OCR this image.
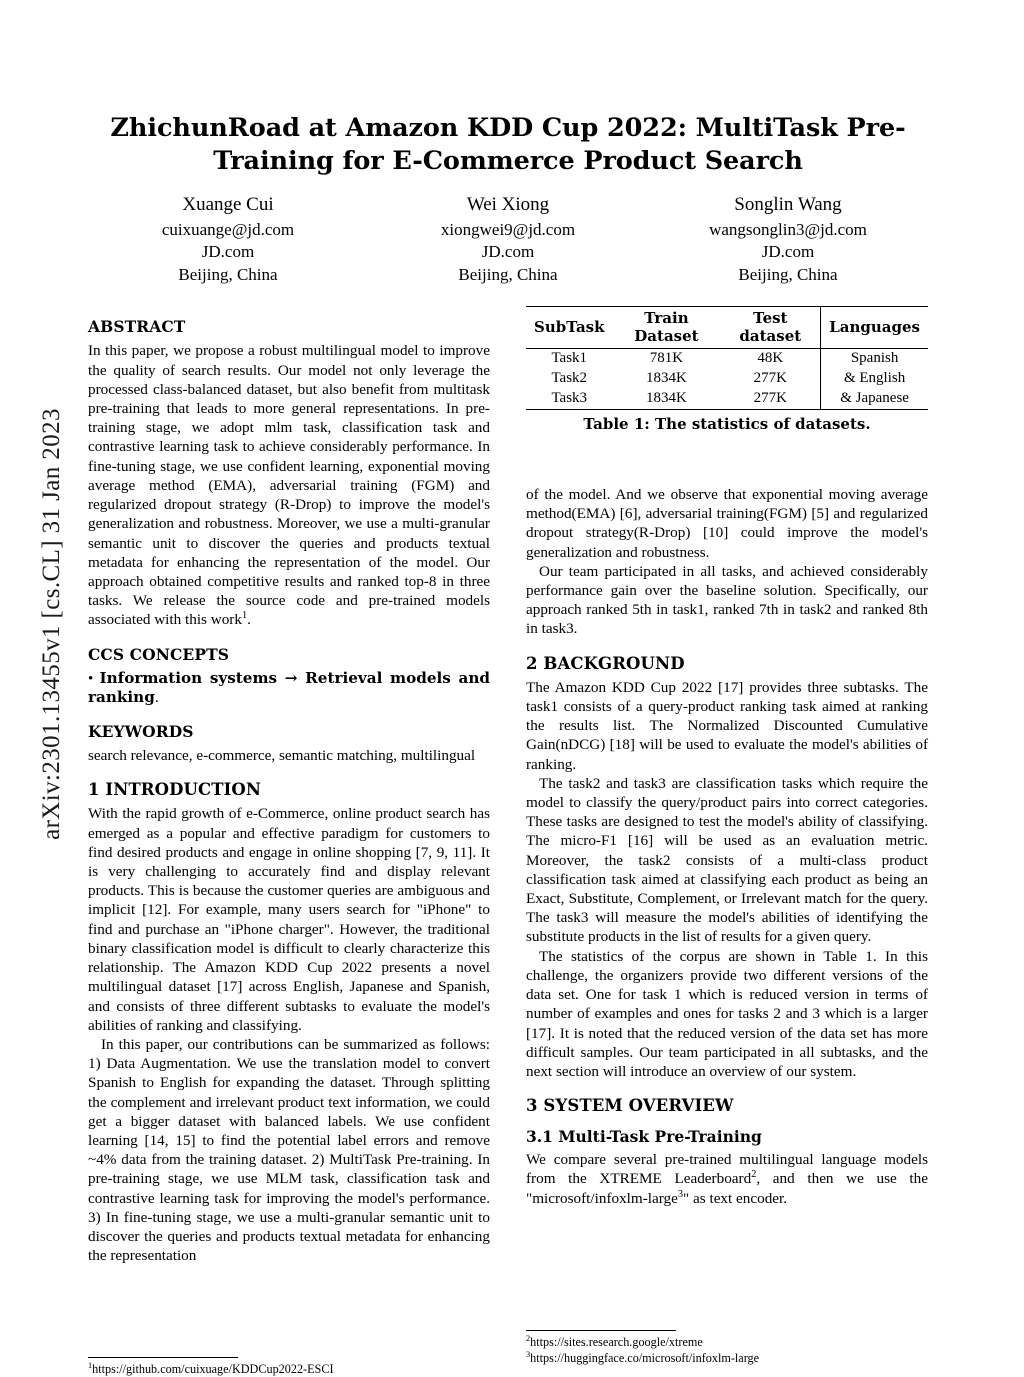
arXiv:2301.13455v1 [cs.CL] 31 Jan 2023
ZhichunRoad at Amazon KDD Cup 2022: MultiTask Pre-Training for E-Commerce Product Search
Xuange Cui
cuixuange@jd.com
JD.com
Beijing, China
Wei Xiong
xiongwei9@jd.com
JD.com
Beijing, China
Songlin Wang
wangsonglin3@jd.com
JD.com
Beijing, China
ABSTRACT

In this paper, we propose a robust multilingual model to improve the quality of search results. Our model not only leverage the processed class-balanced dataset, but also benefit from multitask pre-training that leads to more general representations. In pre-training stage, we adopt mlm task, classification task and contrastive learning task to achieve considerably performance. In fine-tuning stage, we use confident learning, exponential moving average method (EMA), adversarial training (FGM) and regularized dropout strategy (R-Drop) to improve the model's generalization and robustness. Moreover, we use a multi-granular semantic unit to discover the queries and products textual metadata for enhancing the representation of the model. Our approach obtained competitive results and ranked top-8 in three tasks. We release the source code and pre-trained models associated with this work$^1$.

CCS CONCEPTS
• Information systems → Retrieval models and ranking.
KEYWORDS

search relevance, e-commerce, semantic matching, multilingual

1 INTRODUCTION

With the rapid growth of e-Commerce, online product search has emerged as a popular and effective paradigm for customers to find desired products and engage in online shopping [7, 9, 11]. It is very challenging to accurately find and display relevant products. This is because the customer queries are ambiguous and implicit [12]. For example, many users search for "iPhone" to find and purchase an "iPhone charger". However, the traditional binary classification model is difficult to clearly characterize this relationship. The Amazon KDD Cup 2022 presents a novel multilingual dataset [17] across English, Japanese and Spanish, and consists of three different subtasks to evaluate the model's abilities of ranking and classifying.

In this paper, our contributions can be summarized as follows: 1) Data Augmentation. We use the translation model to convert Spanish to English for expanding the dataset. Through splitting the complement and irrelevant product text information, we could get a bigger dataset with balanced labels. We use confident learning [14, 15] to find the potential label errors and remove ~4% data from the training dataset. 2) MultiTask Pre-training. In pre-training stage, we use MLM task, classification task and contrastive learning task for improving the model's performance. 3) In fine-tuning stage, we use a multi-granular semantic unit to discover the queries and products textual metadata for enhancing the representation

$^1$https://github.com/cuixuage/KDDCup2022-ESCI

SubTask	Train Dataset	Test dataset	Languages
Task1	781K	48K	Spanish
Task2	1834K	277K	& English
Task3	1834K	277K	& Japanese
Table 1: The statistics of datasets.

of the model. And we observe that exponential moving average method(EMA) [6], adversarial training(FGM) [5] and regularized dropout strategy(R-Drop) [10] could improve the model's generalization and robustness.

Our team participated in all tasks, and achieved considerably performance gain over the baseline solution. Specifically, our approach ranked 5th in task1, ranked 7th in task2 and ranked 8th in task3.

2 BACKGROUND

The Amazon KDD Cup 2022 [17] provides three subtasks. The task1 consists of a query-product ranking task aimed at ranking the results list. The Normalized Discounted Cumulative Gain(nDCG) [18] will be used to evaluate the model's abilities of ranking.

The task2 and task3 are classification tasks which require the model to classify the query/product pairs into correct categories. These tasks are designed to test the model's ability of classifying. The micro-F1 [16] will be used as an evaluation metric. Moreover, the task2 consists of a multi-class product classification task aimed at classifying each product as being an Exact, Substitute, Complement, or Irrelevant match for the query. The task3 will measure the model's abilities of identifying the substitute products in the list of results for a given query.

The statistics of the corpus are shown in Table 1. In this challenge, the organizers provide two different versions of the data set. One for task 1 which is reduced version in terms of number of examples and ones for tasks 2 and 3 which is a larger [17]. It is noted that the reduced version of the data set has more difficult samples. Our team participated in all subtasks, and the next section will introduce an overview of our system.

3 SYSTEM OVERVIEW
3.1 Multi-Task Pre-Training

We compare several pre-trained multilingual language models from the XTREME Leaderboard$^2$, and then we use the "microsoft/infoxlm-large$^3$" as text encoder.

$^2$https://sites.research.google/xtreme

$^3$https://huggingface.co/microsoft/infoxlm-large
